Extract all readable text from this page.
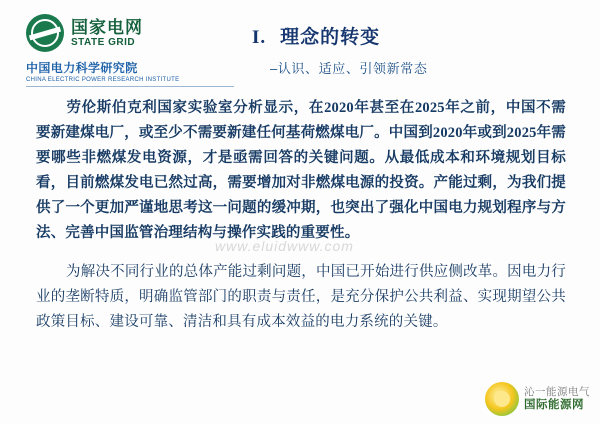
国家电网
STATE GRID
中国电力科学研究院
CHINA ELECTRIC POWER RESEARCH INSTITUTE
I. 理念的转变
–认识、适应、引领新常态
劳伦斯伯克利国家实验室分析显示，在2020年甚至在2025年之前，中国不需要新建煤电厂，或至少不需要新建任何基荷燃煤电厂。中国到2020年或到2025年需要哪些非燃煤发电资源，才是亟需回答的关键问题。从最低成本和环境规划目标看，目前燃煤发电已然过高，需要增加对非燃煤电源的投资。产能过剩，为我们提供了一个更加严谨地思考这一问题的缓冲期，也突出了强化中国电力规划程序与方法、完善中国监管治理结构与操作实践的重要性。
为解决不同行业的总体产能过剩问题，中国已开始进行供应侧改革。因电力行业的垄断特质，明确监管部门的职责与责任，是充分保护公共利益、实现期望公共政策目标、建设可靠、清洁和具有成本效益的电力系统的关键。
www.eluidwww.com
沁一能源电气
国际能源网
